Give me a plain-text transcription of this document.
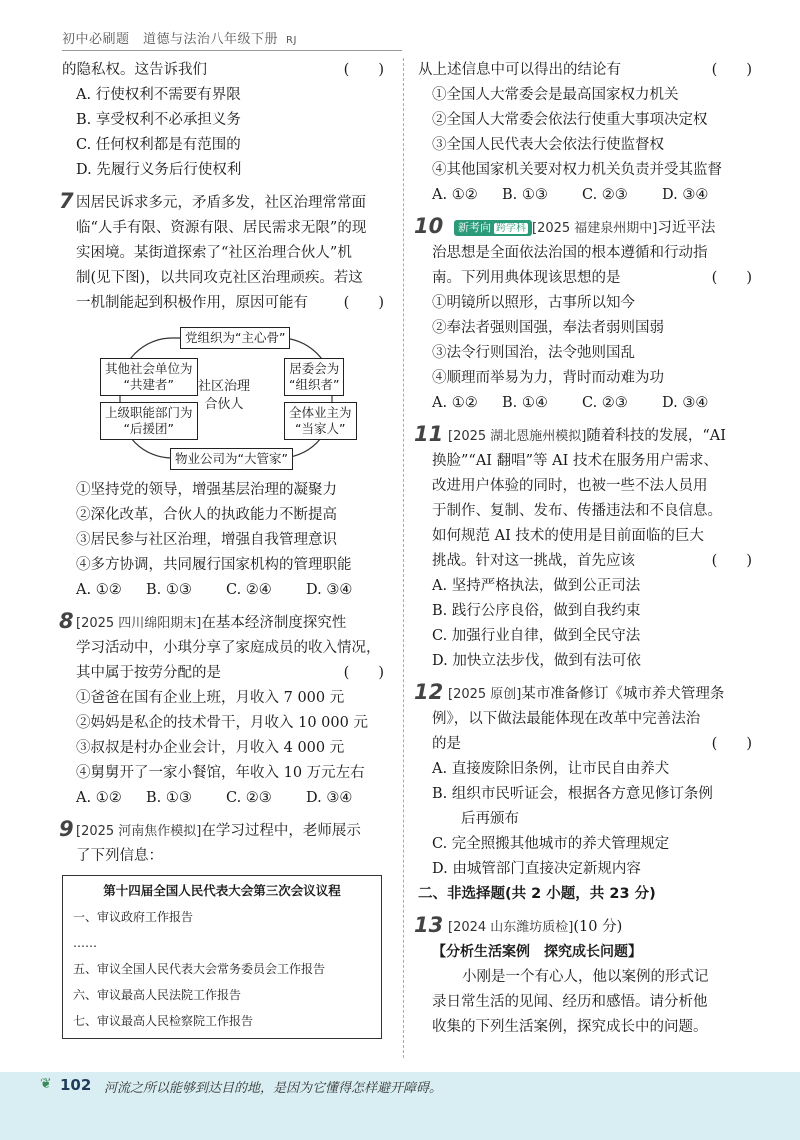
初中必刷题　道德与法治八年级下册 RJ

的隐私权。这告诉我们	(　　)

A. 行使权利不需要有界限

B. 享受权利不必承担义务

C. 任何权利都是有范围的

D. 先履行义务后行使权利

7 因居民诉求多元，矛盾多发，社区治理常常面

临“人手有限、资源有限、居民需求无限”的现

实困境。某街道探索了“社区治理合伙人”机

制(见下图)，以共同攻克社区治理顽疾。若这

一机制能起到积极作用，原因可能有 (　　)

党组织为“主心骨”
其他社会单位为
“共建者”
上级职能部门为
“后援团”
居委会为
“组织者”
全体业主为
“当家人”
社区治理
合伙人
物业公司为“大管家”

①坚持党的领导，增强基层治理的凝聚力

②深化改革，合伙人的执政能力不断提高

③居民参与社区治理，增强自我管理意识

④多方协调，共同履行国家机构的管理职能

A. ①② B. ①③ C. ②④ D. ③④

8 [2025 四川绵阳期末]在基本经济制度探究性

学习活动中，小琪分享了家庭成员的收入情况，

其中属于按劳分配的是	(　　)

①爸爸在国有企业上班，月收入 7 000 元

②妈妈是私企的技术骨干，月收入 10 000 元

③叔叔是村办企业会计，月收入 4 000 元

④舅舅开了一家小餐馆，年收入 10 万元左右

A. ①② B. ①③ C. ②③ D. ③④

9 [2025 河南焦作模拟]在学习过程中，老师展示

了下列信息：

第十四届全国人民代表大会第三次会议议程

一、审议政府工作报告

……

五、审议全国人民代表大会常务委员会工作报告

六、审议最高人民法院工作报告

七、审议最高人民检察院工作报告

从上述信息中可以得出的结论有	(　　)

①全国人大常委会是最高国家权力机关

②全国人大常委会依法行使重大事项决定权

③全国人民代表大会依法行使监督权

④其他国家机关要对权力机关负责并受其监督

A. ①② B. ①③ C. ②③ D. ③④

10 新考向 跨学科 [2025 福建泉州期中]习近平法

治思想是全面依法治国的根本遵循和行动指

南。下列用典体现该思想的是	(　　)

①明镜所以照形，古事所以知今

②奉法者强则国强，奉法者弱则国弱

③法令行则国治，法令弛则国乱

④顺理而举易为力，背时而动难为功

A. ①② B. ①④ C. ②③ D. ③④

11 [2025 湖北恩施州模拟]随着科技的发展，“AI

换脸”“AI 翻唱”等 AI 技术在服务用户需求、

改进用户体验的同时，也被一些不法人员用

于制作、复制、发布、传播违法和不良信息。

如何规范 AI 技术的使用是目前面临的巨大

挑战。针对这一挑战，首先应该	(　　)

A. 坚持严格执法，做到公正司法

B. 践行公序良俗，做到自我约束

C. 加强行业自律，做到全民守法

D. 加快立法步伐，做到有法可依

12 [2025 原创]某市准备修订《城市养犬管理条

例》，以下做法最能体现在改革中完善法治

的是	(　　)

A. 直接废除旧条例，让市民自由养犬

B. 组织市民听证会，根据各方意见修订条例

　　后再颁布

C. 完全照搬其他城市的养犬管理规定

D. 由城管部门直接决定新规内容

二、非选择题(共 2 小题，共 23 分)

13 [2024 山东潍坊质检](10 分)

【分析生活案例　探究成长问题】

小刚是一个有心人，他以案例的形式记

录日常生活的见闻、经历和感悟。请分析他

收集的下列生活案例，探究成长中的问题。

❦ 102 河流之所以能够到达目的地，是因为它懂得怎样避开障碍。
